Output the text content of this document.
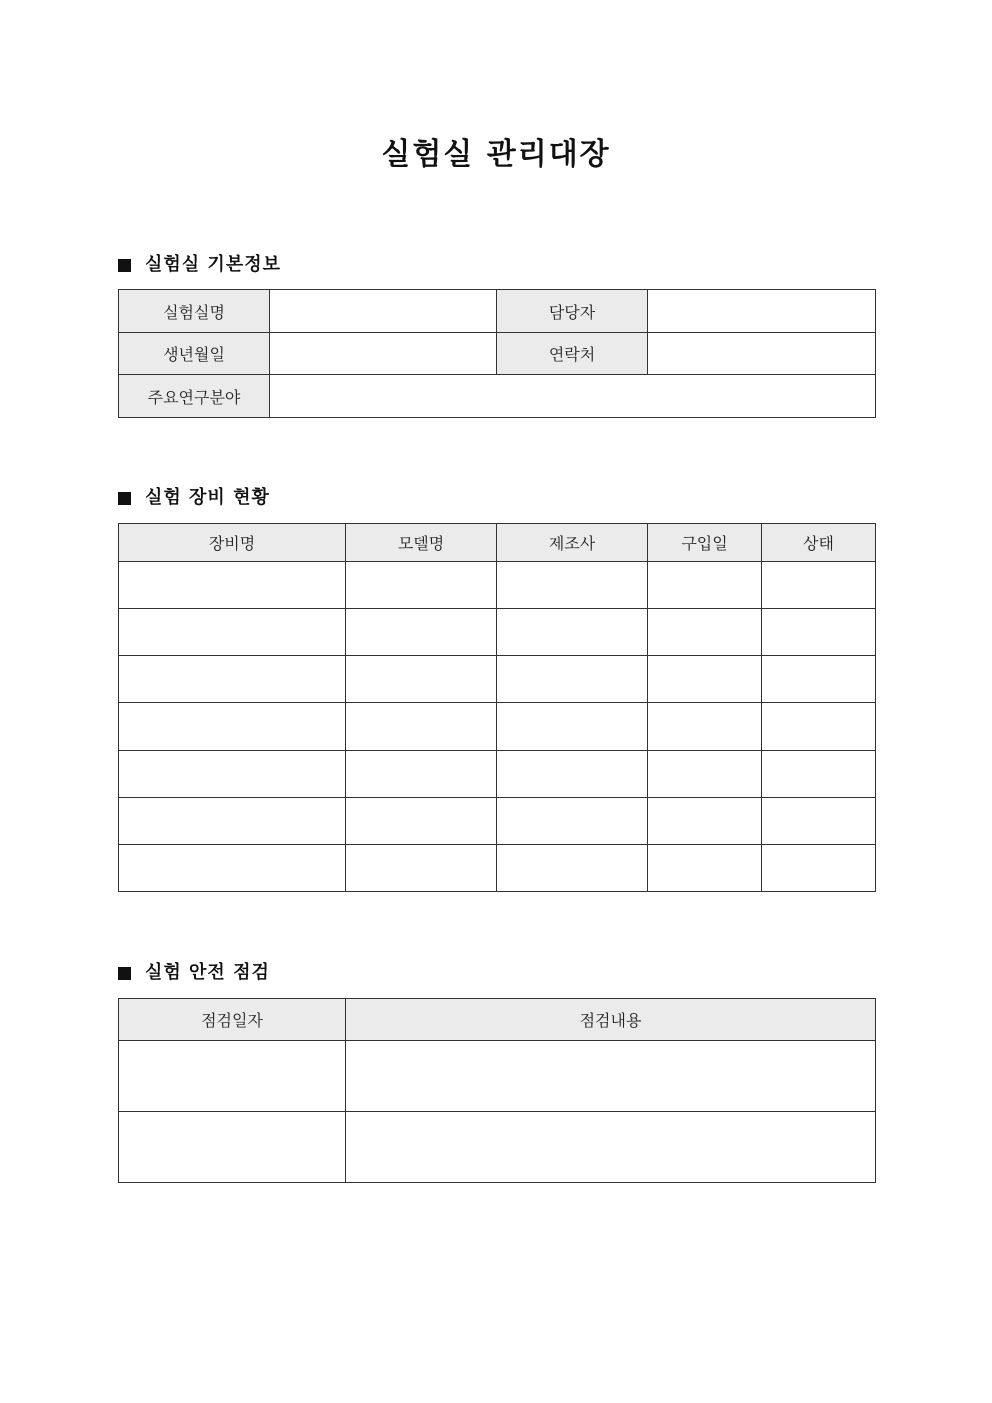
실험실 관리대장
실험실 기본정보
실험실명		담당자	
생년월일		연락처	
주요연구분야			
실험 장비 현황
장비명	모델명	제조사	구입일	상태

실험 안전 점검
점검일자	점검내용
